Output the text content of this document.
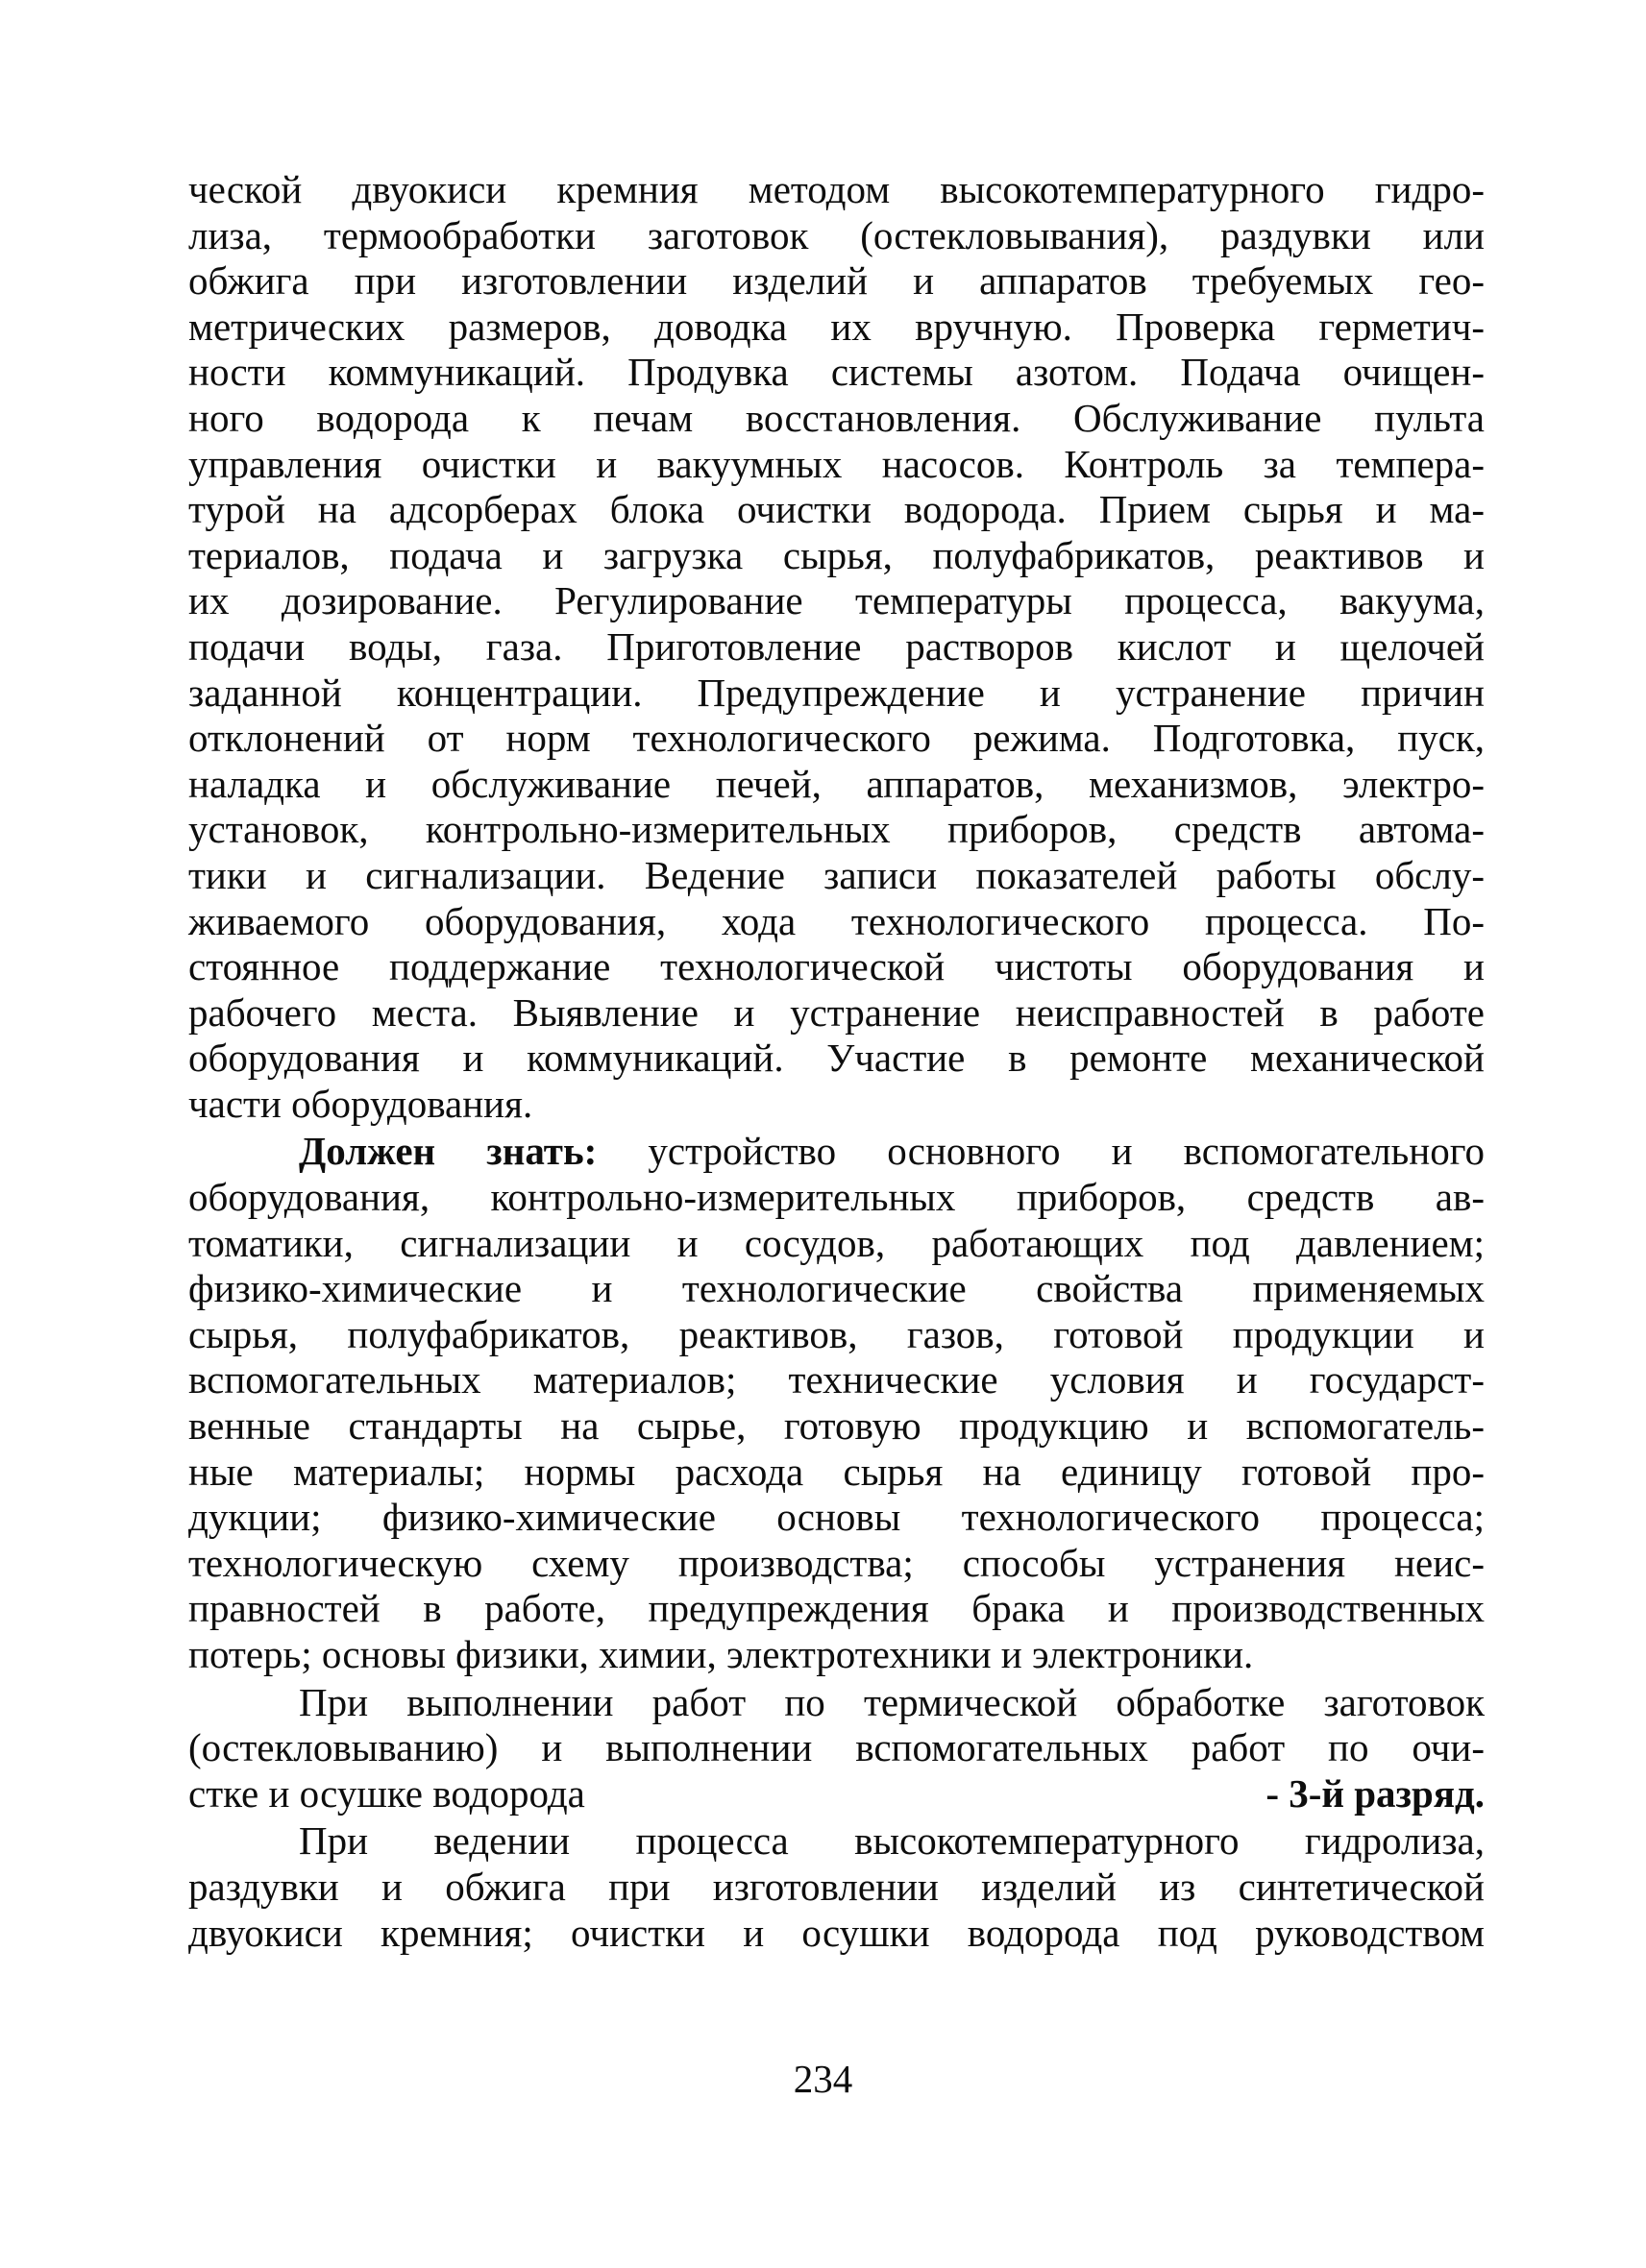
ческой двуокиси кремния методом высокотемпературного гидро-
лиза, термообработки заготовок (остекловывания), раздувки или
обжига при изготовлении изделий и аппаратов требуемых гео-
метрических размеров, доводка их вручную. Проверка герметич-
ности коммуникаций. Продувка системы азотом. Подача очищен-
ного водорода к печам восстановления. Обслуживание пульта
управления очистки и вакуумных насосов. Контроль за темпера-
турой на адсорберах блока очистки водорода. Прием сырья и ма-
териалов, подача и загрузка сырья, полуфабрикатов, реактивов и
их дозирование. Регулирование температуры процесса, вакуума,
подачи воды, газа. Приготовление растворов кислот и щелочей
заданной концентрации. Предупреждение и устранение причин
отклонений от норм технологического режима. Подготовка, пуск,
наладка и обслуживание печей, аппаратов, механизмов, электро-
установок, контрольно-измерительных приборов, средств автома-
тики и сигнализации. Ведение записи показателей работы обслу-
живаемого оборудования, хода технологического процесса. По-
стоянное поддержание технологической чистоты оборудования и
рабочего места. Выявление и устранение неисправностей в работе
оборудования и коммуникаций. Участие в ремонте механической
части оборудования.
Должен знать: устройство основного и вспомогательного
оборудования, контрольно-измерительных приборов, средств ав-
томатики, сигнализации и сосудов, работающих под давлением;
физико-химические и технологические свойства применяемых
сырья, полуфабрикатов, реактивов, газов, готовой продукции и
вспомогательных материалов; технические условия и государст-
венные стандарты на сырье, готовую продукцию и вспомогатель-
ные материалы; нормы расхода сырья на единицу готовой про-
дукции; физико-химические основы технологического процесса;
технологическую схему производства; способы устранения неис-
правностей в работе, предупреждения брака и производственных
потерь; основы физики, химии, электротехники и электроники.
При выполнении работ по термической обработке заготовок
(остекловыванию) и выполнении вспомогательных работ по очи-
стке и осушке водорода	- 3-й разряд.
При ведении процесса высокотемпературного гидролиза,
раздувки и обжига при изготовлении изделий из синтетической
двуокиси кремния; очистки и осушки водорода под руководством
234
